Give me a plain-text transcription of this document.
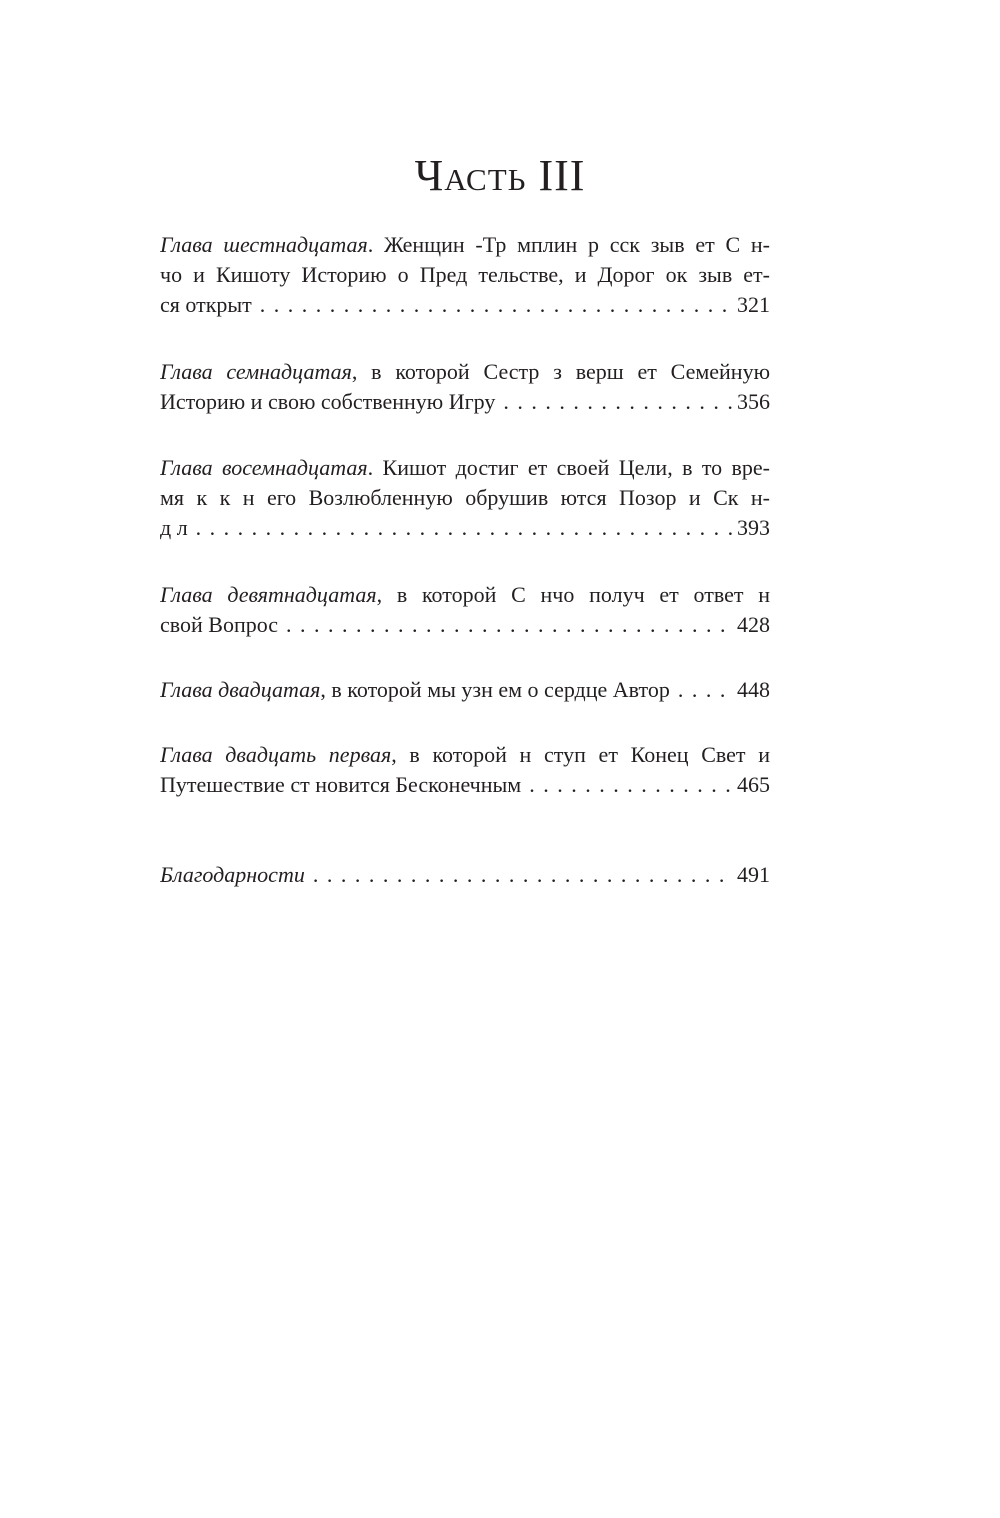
Часть III
Глава шестнадцатая. Женщин -Тр мплин р сск зыв ет С н-
чо и Кишоту Историю о Пред тельстве, и Дорог ок зыв ет-
ся открыт . . .	321
Глава семнадцатая, в которой Сестр з верш ет Семейную
Историю и свою собственную Игру . . .	356
Глава восемнадцатая. Кишот достиг ет своей Цели, в то вре-
мя к к н его Возлюбленную обрушив ются Позор и Ск н-
д л . . .	393
Глава девятнадцатая, в которой С нчо получ ет ответ н
свой Вопрос . . .	428
Глава двадцатая , в которой мы узн ем о сердце Автор . . .	448
Глава двадцать первая, в которой н ступ ет Конец Свет и
Путешествие ст новится Бесконечным . . .	465
Благодарности . . .	491
